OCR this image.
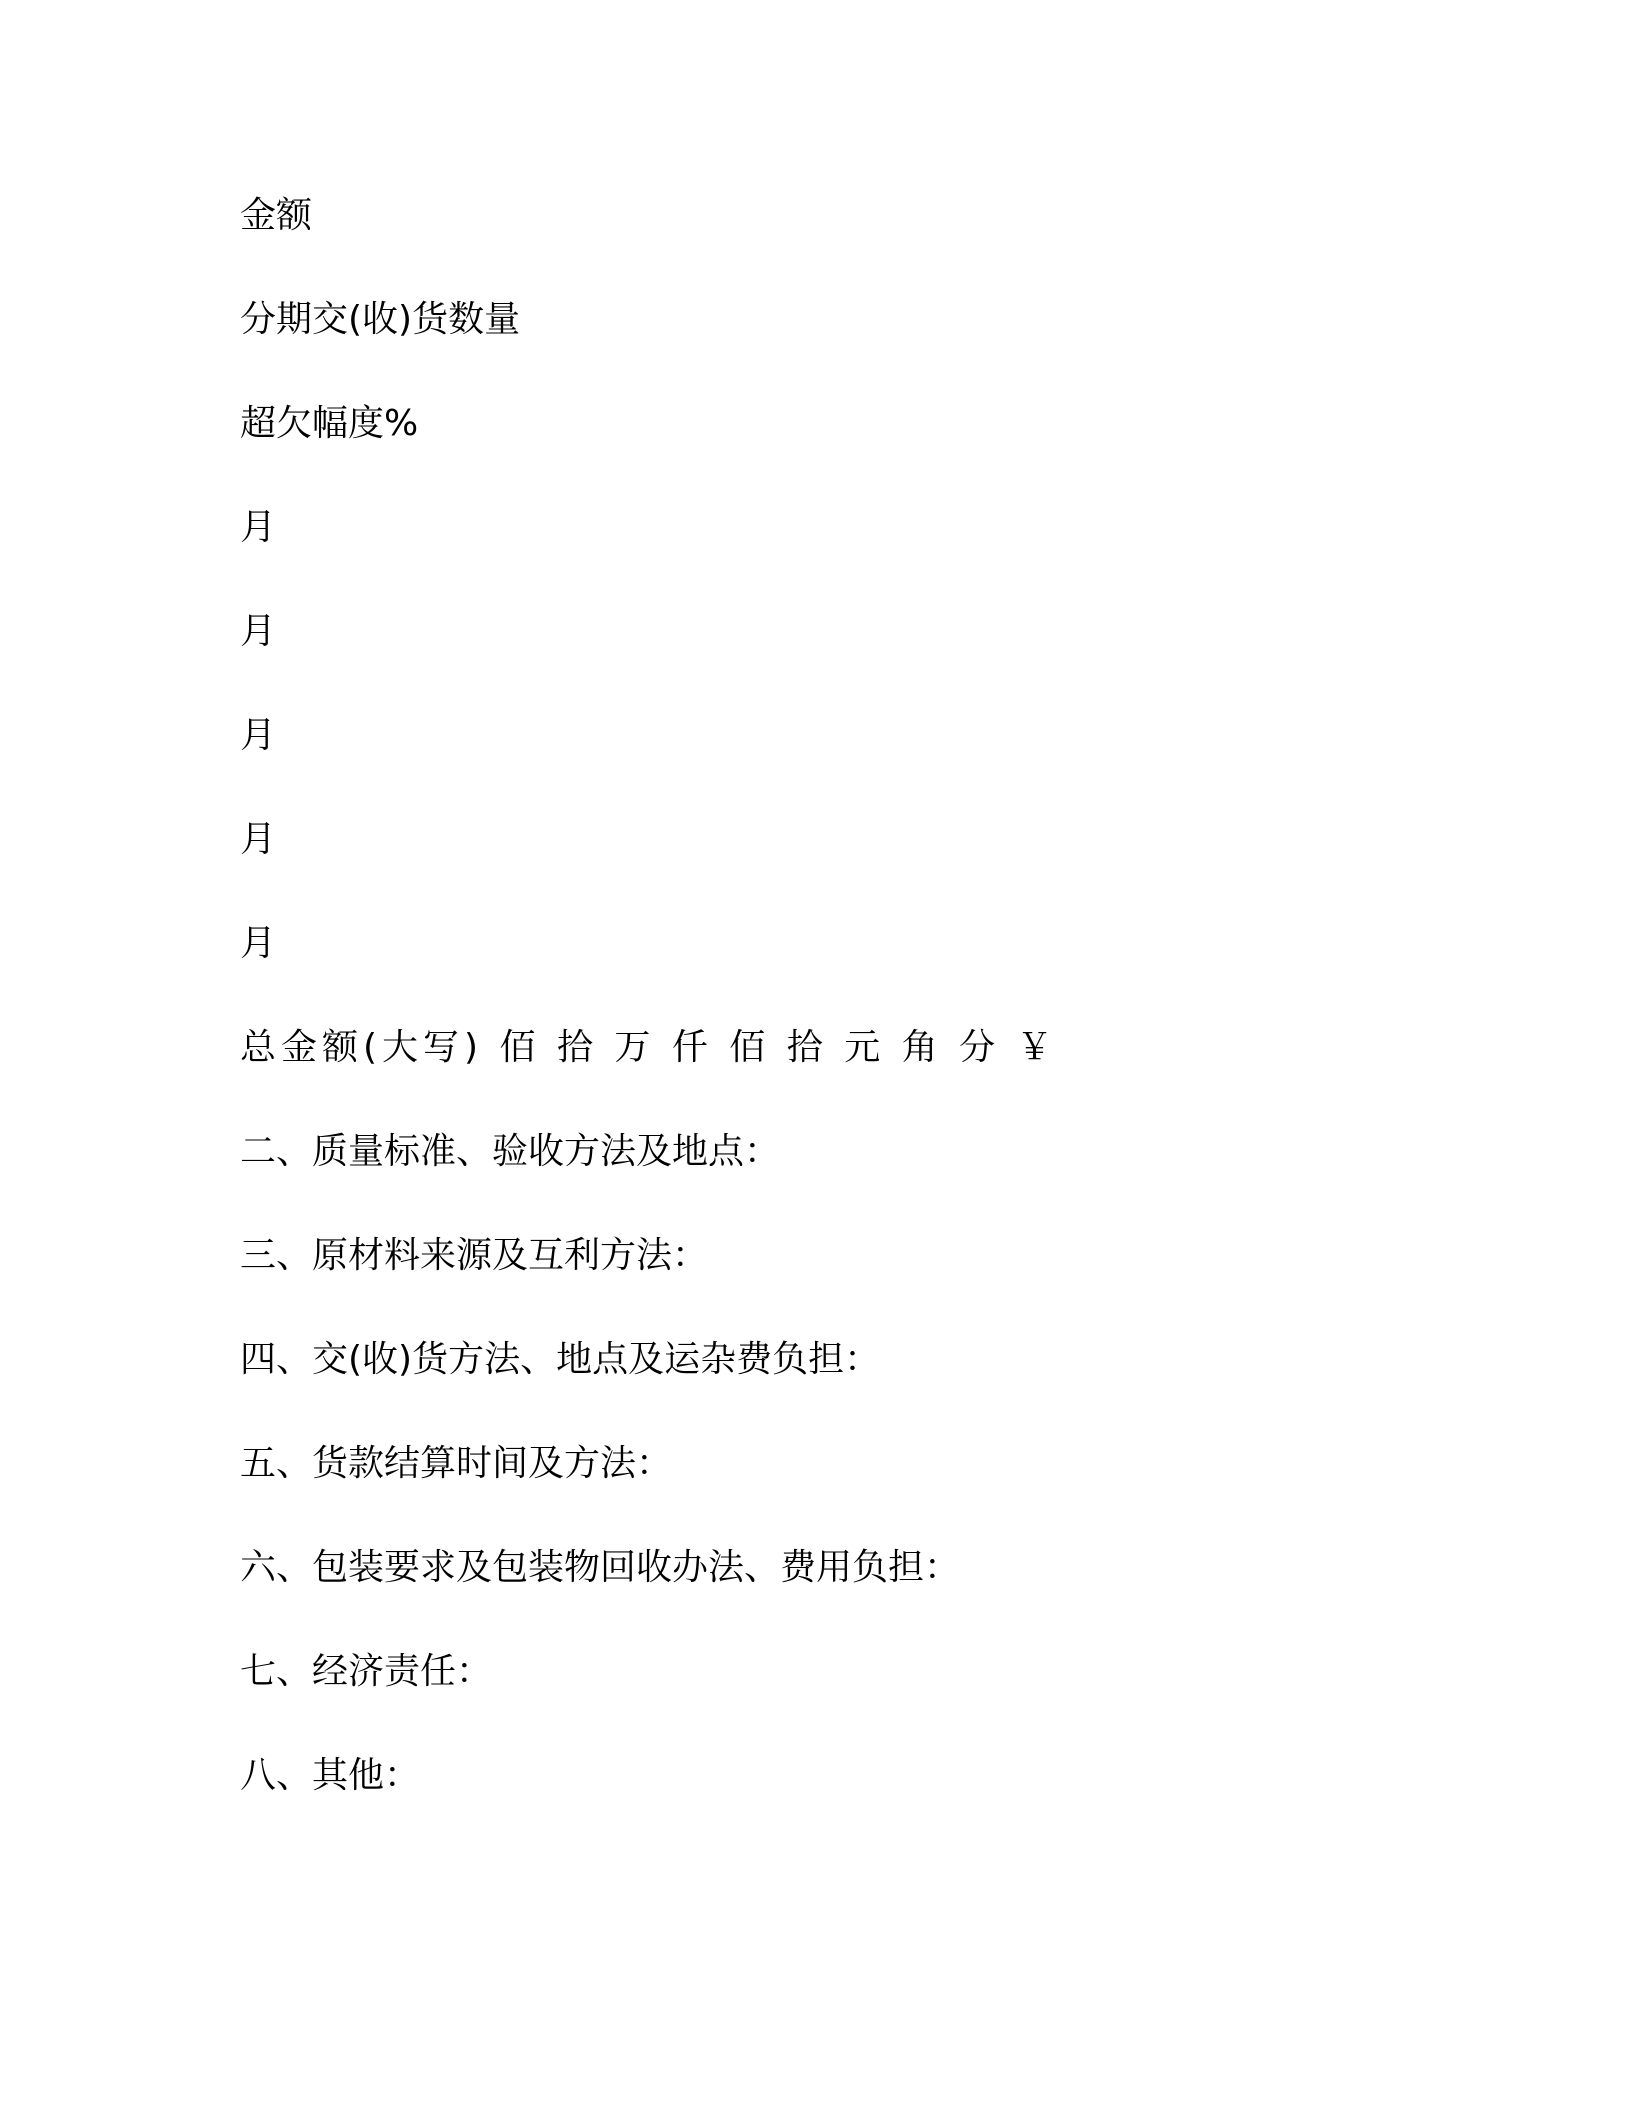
金额
分期交(收)货数量
超欠幅度%
月
月
月
月
月
总金额(大写) 佰 拾 万 仟 佰 拾 元 角 分 ￥
二、质量标准、验收方法及地点：
三、原材料来源及互利方法：
四、交(收)货方法、地点及运杂费负担：
五、货款结算时间及方法：
六、包装要求及包装物回收办法、费用负担：
七、经济责任：
八、其他：
